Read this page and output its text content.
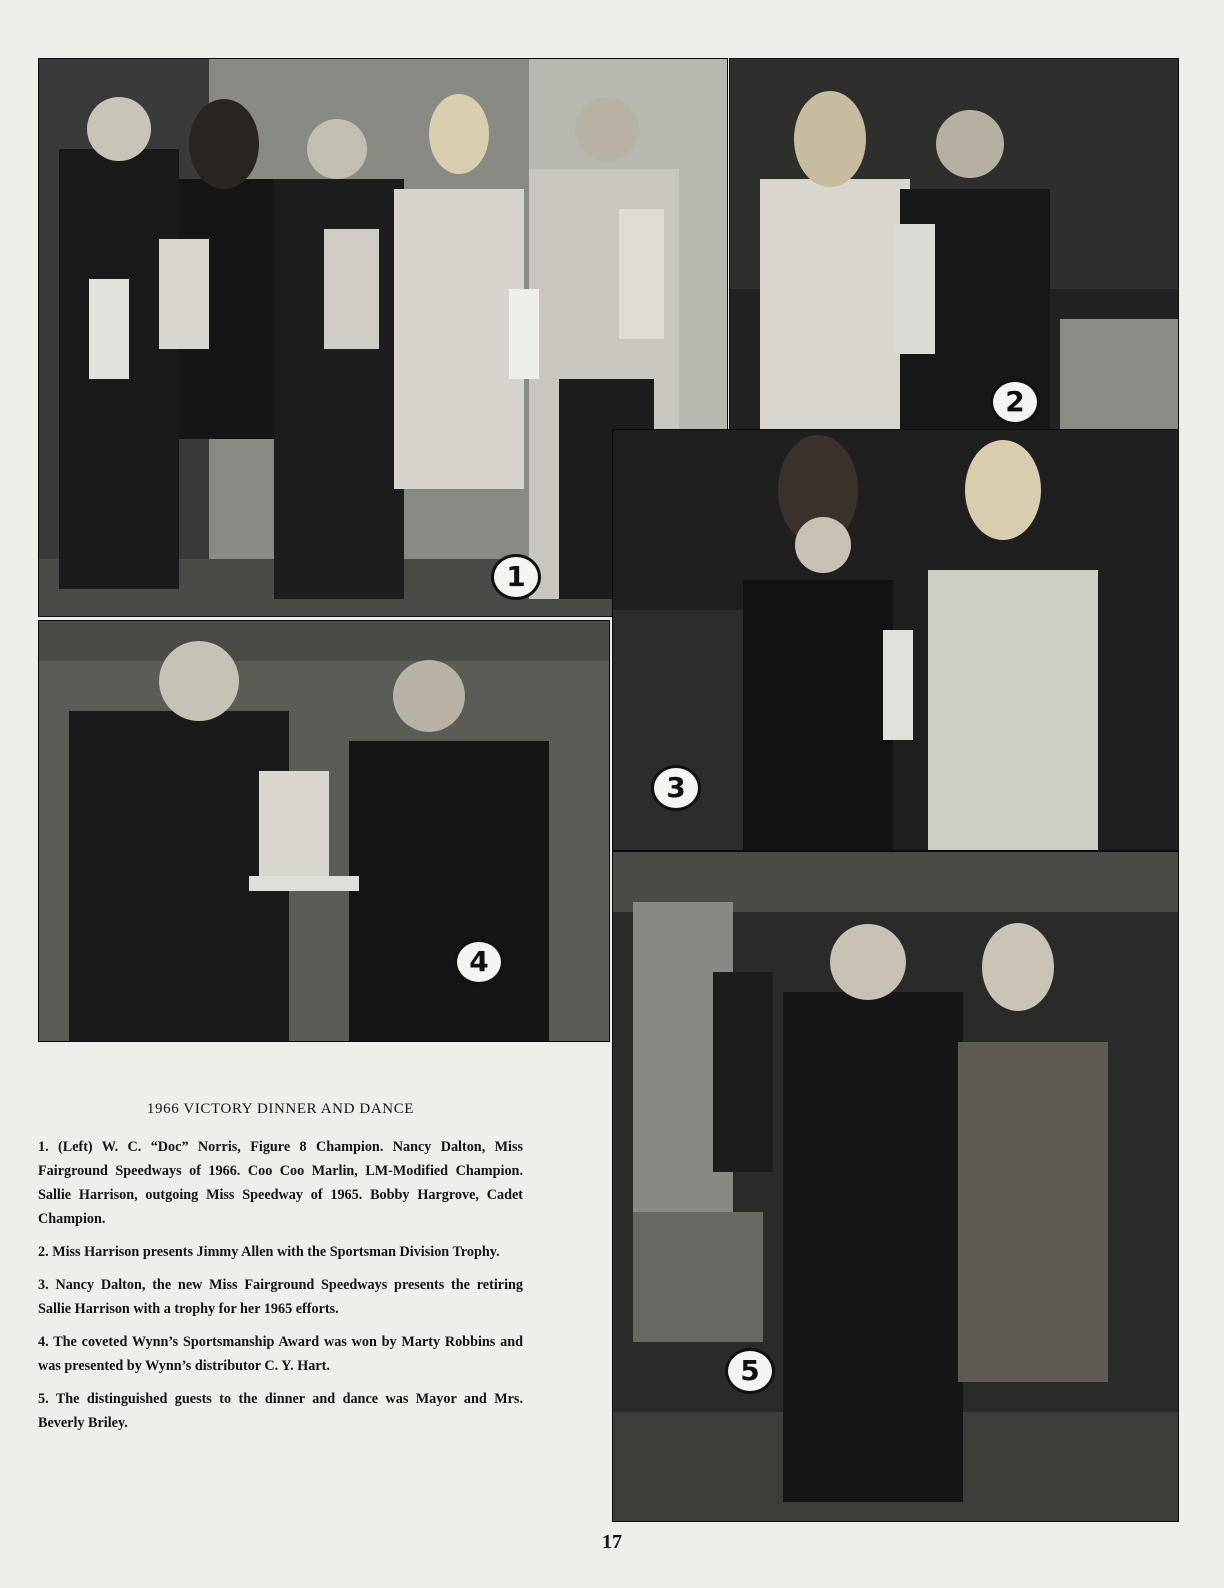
1
2
3
4
5
1966 VICTORY DINNER AND DANCE
1. (Left) W. C. “Doc” Norris, Figure 8 Champion. Nancy Dalton, Miss Fairground Speedways of 1966. Coo Coo Marlin, LM-Modified Champion. Sallie Harrison, outgoing Miss Speedway of 1965. Bobby Hargrove, Cadet Champion.
2. Miss Harrison presents Jimmy Allen with the Sportsman Division Trophy.
3. Nancy Dalton, the new Miss Fairground Speedways presents the retiring Sallie Harrison with a trophy for her 1965 efforts.
4. The coveted Wynn’s Sportsmanship Award was won by Marty Robbins and was presented by Wynn’s distributor C. Y. Hart.
5. The distinguished guests to the dinner and dance was Mayor and Mrs. Beverly Briley.
17
